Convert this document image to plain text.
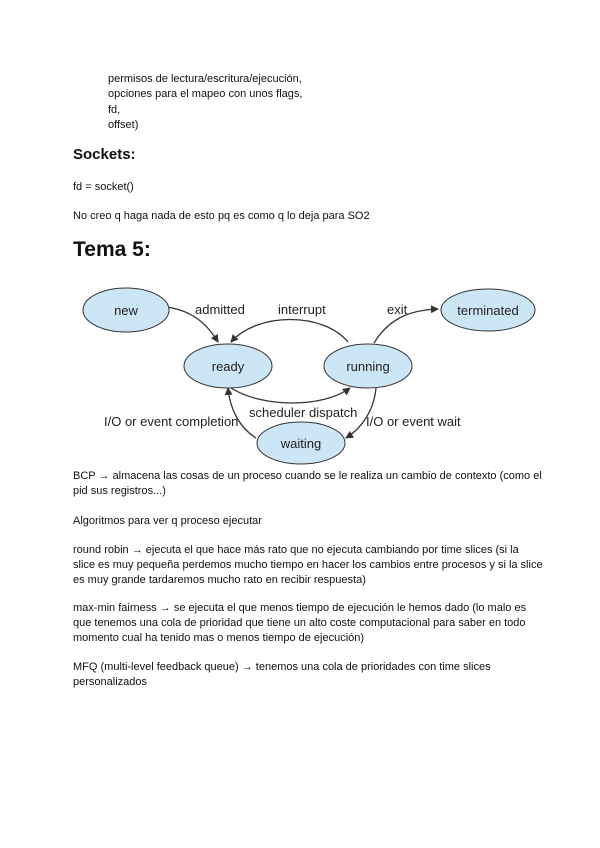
permisos de lectura/escritura/ejecución,
opciones para el mapeo con unos flags,
fd,
offset)
Sockets:
fd = socket()
No creo q haga nada de esto pq es como q lo deja para SO2
Tema 5:
new
ready	running
waiting
admitted	interrupt	exit
scheduler dispatch
I/O or event completion	I/O or event wait
terminated
BCP → almacena las cosas de un proceso cuando se le realiza un cambio de contexto (como el pid sus registros...)
Algoritmos para ver q proceso ejecutar
round robin → ejecuta el que hace más rato que no ejecuta cambiando por time slices (si la slice es muy pequeña perdemos mucho tiempo en hacer los cambios entre procesos y si la slice es muy grande tardaremos mucho rato en recibir respuesta)
max-min fairness → se ejecuta el que menos tiempo de ejecución le hemos dado (lo malo es que tenemos una cola de prioridad que tiene un alto coste computacional para saber en todo momento cual ha tenido mas o menos tiempo de ejecución)
MFQ (multi-level feedback queue) → tenemos una cola de prioridades con time slices personalizados
